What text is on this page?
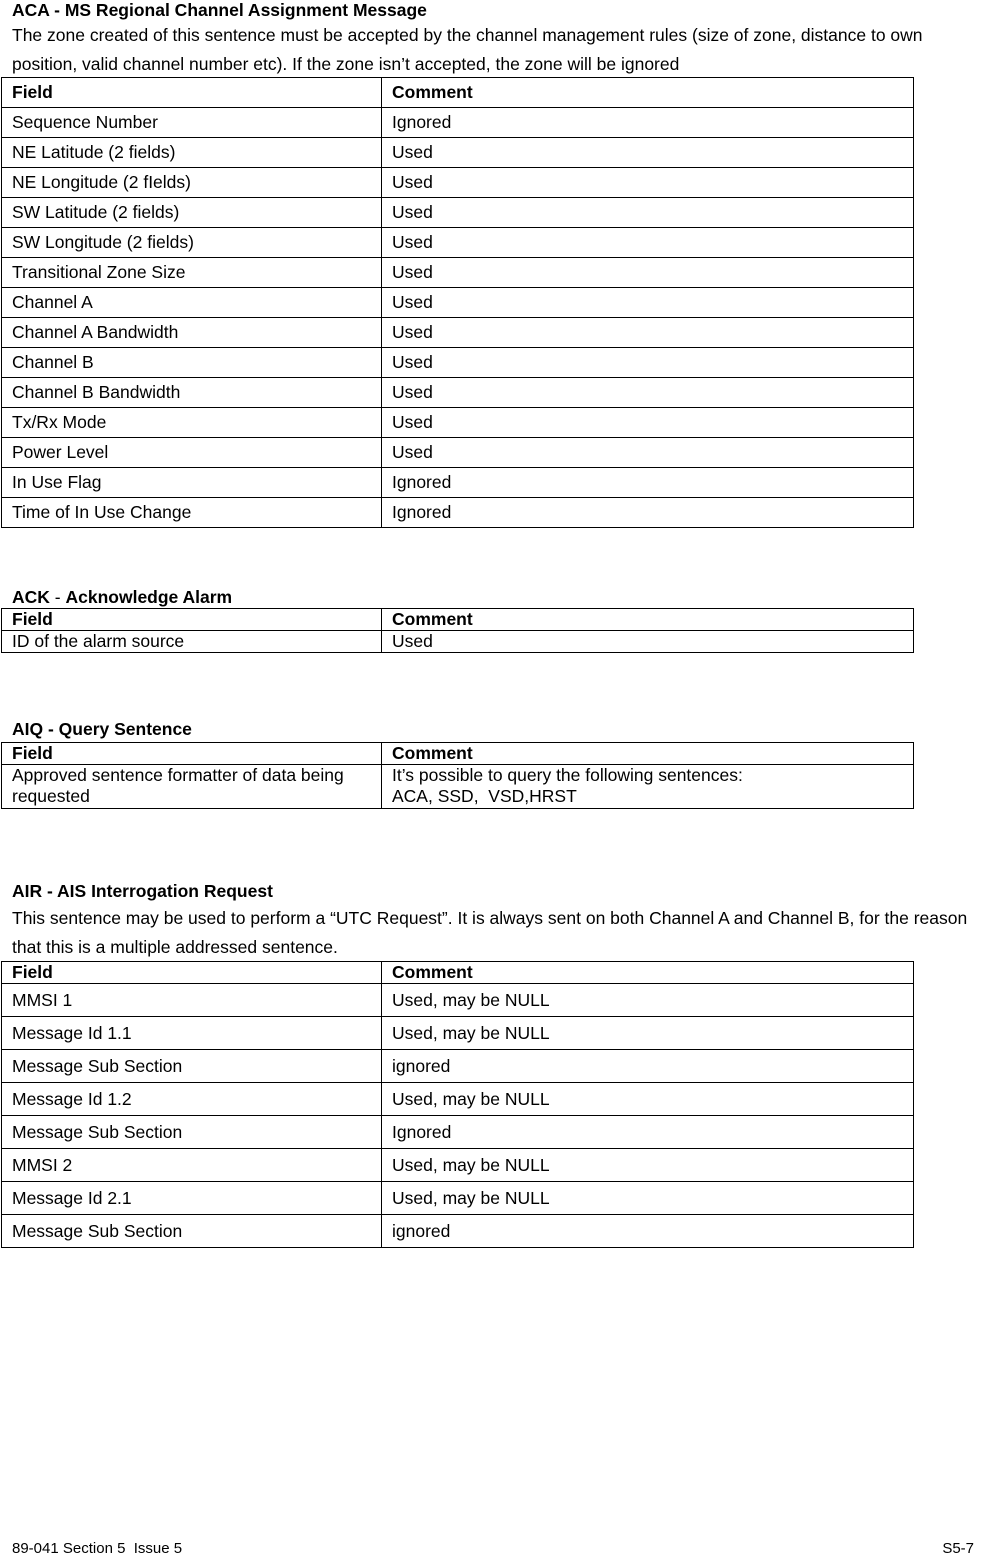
ACA - MS Regional Channel Assignment Message
The zone created of this sentence must be accepted by the channel management rules (size of zone, distance to own position, valid channel number etc). If the zone isn’t accepted, the zone will be ignored
Field	Comment
Sequence Number	Ignored
NE Latitude (2 fields)	Used
NE Longitude (2 fIelds)	Used
SW Latitude (2 fields)	Used
SW Longitude (2 fields)	Used
Transitional Zone Size	Used
Channel A	Used
Channel A Bandwidth	Used
Channel B	Used
Channel B Bandwidth	Used
Tx/Rx Mode	Used
Power Level	Used
In Use Flag	Ignored
Time of In Use Change	Ignored
ACK - Acknowledge Alarm
Field	Comment
ID of the alarm source	Used
AIQ - Query Sentence
Field	Comment
Approved sentence formatter of data being requested	It’s possible to query the following sentences:
ACA, SSD,  VSD,HRST
AIR - AIS Interrogation Request
This sentence may be used to perform a “UTC Request”. It is always sent on both Channel A and Channel B, for the reason that this is a multiple addressed sentence.
Field	Comment
MMSI 1	Used, may be NULL
Message Id 1.1	Used, may be NULL
Message Sub Section	ignored
Message Id 1.2	Used, may be NULL
Message Sub Section	Ignored
MMSI 2	Used, may be NULL
Message Id 2.1	Used, may be NULL
Message Sub Section	ignored
89-041 Section 5  Issue 5	S5-7
